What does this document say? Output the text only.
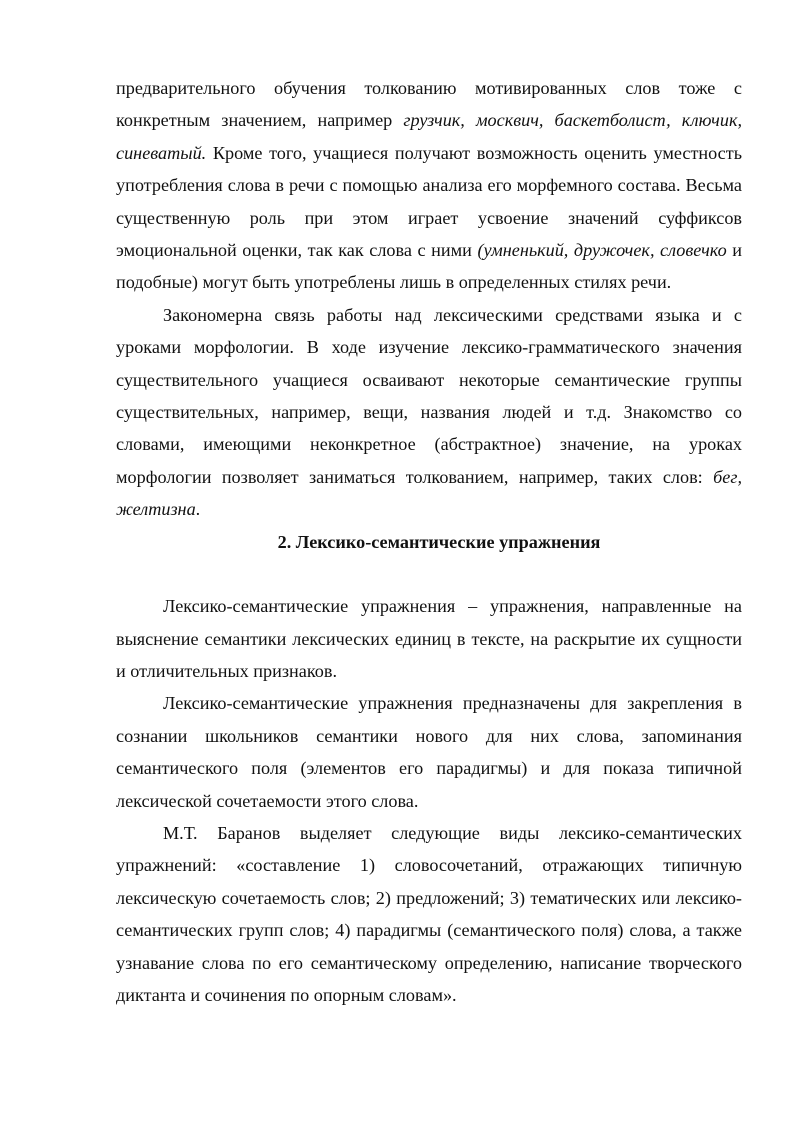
предварительного обучения толкованию мотивированных слов тоже с конкретным значением, например грузчик, москвич, баскетболист, ключик, синеватый. Кроме того, учащиеся получают возможность оценить уместность употребления слова в речи с помощью анализа его морфемного состава. Весьма существенную роль при этом играет усвоение значений суффиксов эмоциональной оценки, так как слова с ними (умненький, дружочек, словечко и подобные) могут быть употреблены лишь в определенных стилях речи.

Закономерна связь работы над лексическими средствами языка и с уроками морфологии. В ходе изучение лексико-грамматического значения существительного учащиеся осваивают некоторые семантические группы существительных, например, вещи, названия людей и т.д. Знакомство со словами, имеющими неконкретное (абстрактное) значение, на уроках морфологии позволяет заниматься толкованием, например, таких слов: бег, желтизна.

2. Лексико-семантические упражнения

Лексико-семантические упражнения – упражнения, направленные на выяснение семантики лексических единиц в тексте, на раскрытие их сущности и отличительных признаков.

Лексико-семантические упражнения предназначены для закрепления в сознании школьников семантики нового для них слова, запоминания семантического поля (элементов его парадигмы) и для показа типичной лексической сочетаемости этого слова.

М.Т. Баранов выделяет следующие виды лексико-семантических упражнений: «составление 1) словосочетаний, отражающих типичную лексическую сочетаемость слов; 2) предложений; 3) тематических или лексико-семантических групп слов; 4) парадигмы (семантического поля) слова, а также узнавание слова по его семантическому определению, написание творческого диктанта и сочинения по опорным словам».
